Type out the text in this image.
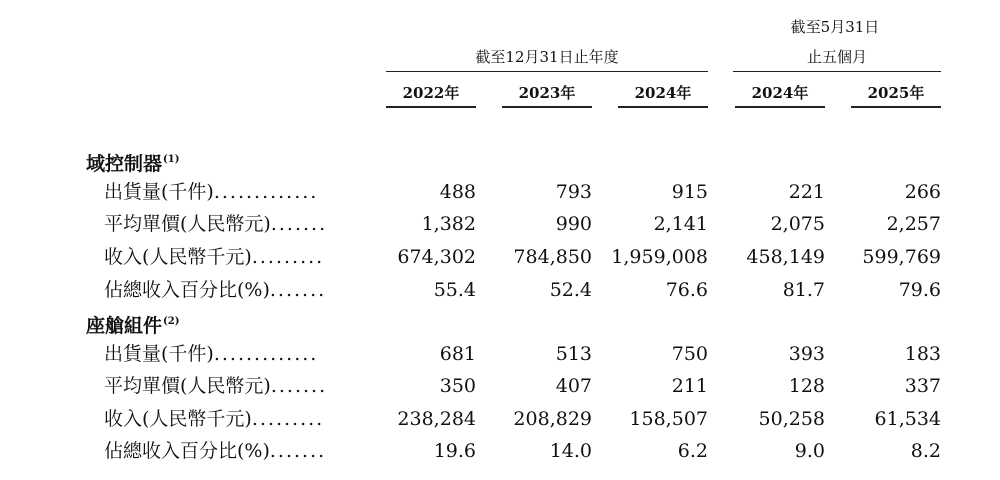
截至5月31日
截至12月31日止年度	止五個月
2022年	2023年	2024年	2024年	2025年
域控制器$^{(1)}$
出貨量(千件).............	488	793	915	221	266
平均單價(人民幣元).......	1,382	990	2,141	2,075	2,257
收入(人民幣千元).........	674,302 784,850 1,959,008 458,149 599,769
佔總收入百分比(%).......	55.4	52.4	76.6	81.7	79.6
座艙組件$^{(2)}$
出貨量(千件).............	681	513	750	393	183
平均單價(人民幣元).......	350	407	211	128	337
收入(人民幣千元).........	238,284 208,829 158,507	50,258	61,534
佔總收入百分比(%).......	19.6	14.0	6.2	9.0	8.2
